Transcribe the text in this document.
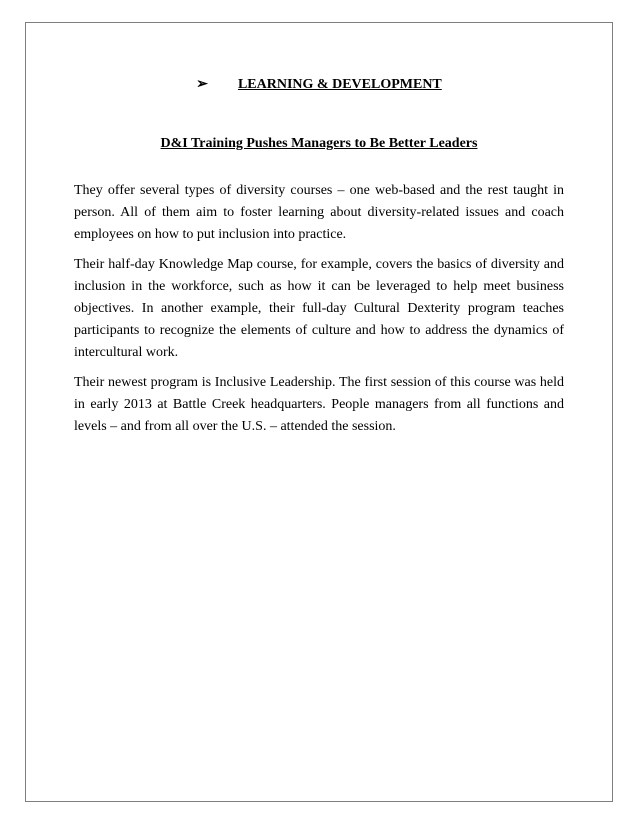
➢ LEARNING & DEVELOPMENT
D&I Training Pushes Managers to Be Better Leaders

They offer several types of diversity courses – one web-based and the rest taught in person. All of them aim to foster learning about diversity-related issues and coach employees on how to put inclusion into practice.

Their half-day Knowledge Map course, for example, covers the basics of diversity and inclusion in the workforce, such as how it can be leveraged to help meet business objectives. In another example, their full-day Cultural Dexterity program teaches participants to recognize the elements of culture and how to address the dynamics of intercultural work.

Their newest program is Inclusive Leadership. The first session of this course was held in early 2013 at Battle Creek headquarters. People managers from all functions and levels – and from all over the U.S. – attended the session.
